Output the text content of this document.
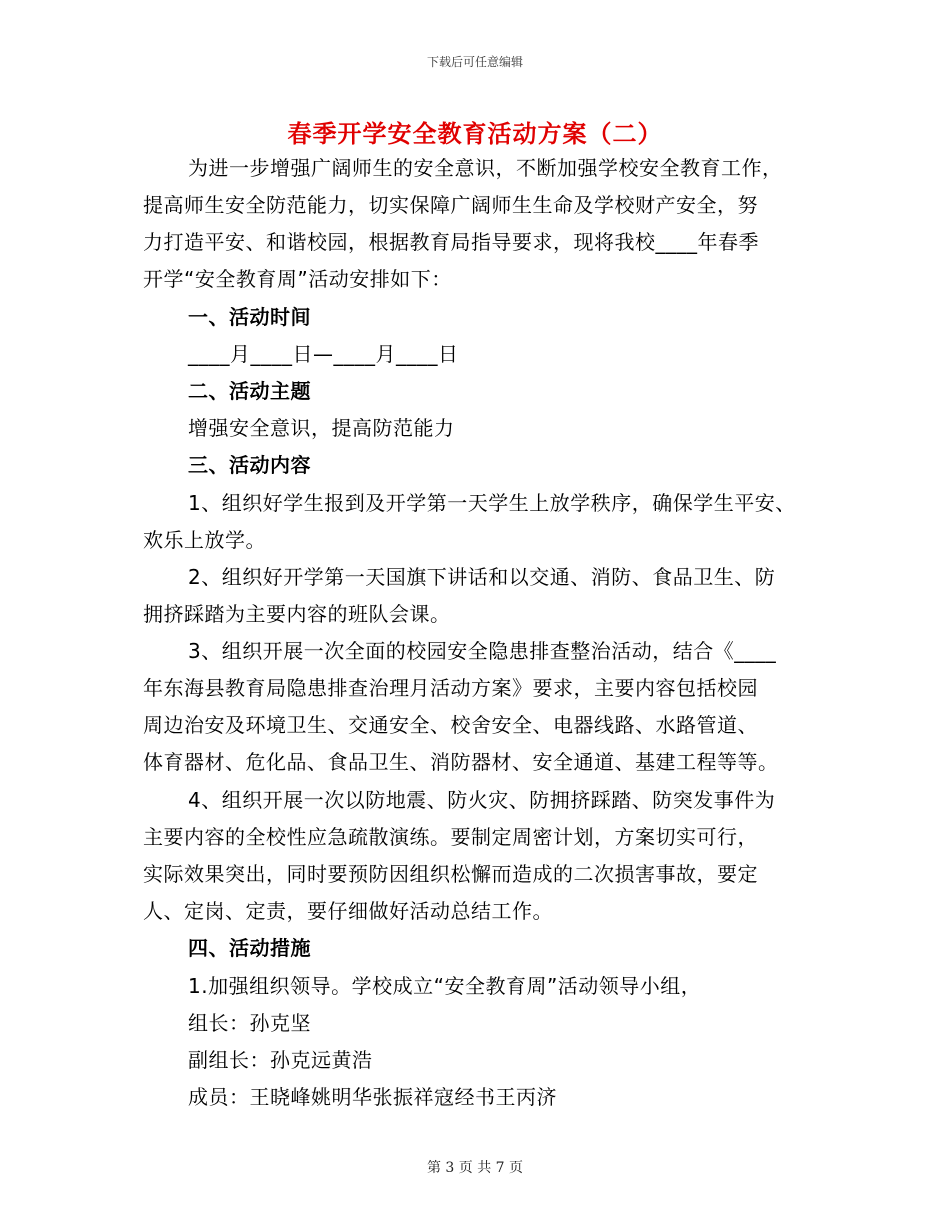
下载后可任意编辑
春季开学安全教育活动方案（二）
为进一步增强广阔师生的安全意识，不断加强学校安全教育工作，
提高师生安全防范能力，切实保障广阔师生生命及学校财产安全，努
力打造平安、和谐校园，根据教育局指导要求，现将我校____年春季
开学“安全教育周”活动安排如下：
一、活动时间
____月____日—____月____日
二、活动主题
增强安全意识，提高防范能力
三、活动内容
1、组织好学生报到及开学第一天学生上放学秩序，确保学生平安、
欢乐上放学。
2、组织好开学第一天国旗下讲话和以交通、消防、食品卫生、防
拥挤踩踏为主要内容的班队会课。
3、组织开展一次全面的校园安全隐患排查整治活动，结合《____
年东海县教育局隐患排查治理月活动方案》要求，主要内容包括校园
周边治安及环境卫生、交通安全、校舍安全、电器线路、水路管道、
体育器材、危化品、食品卫生、消防器材、安全通道、基建工程等等。
4、组织开展一次以防地震、防火灾、防拥挤踩踏、防突发事件为
主要内容的全校性应急疏散演练。要制定周密计划，方案切实可行，
实际效果突出，同时要预防因组织松懈而造成的二次损害事故，要定
人、定岗、定责，要仔细做好活动总结工作。
四、活动措施
1.加强组织领导。学校成立“安全教育周”活动领导小组，
组长：孙克坚
副组长：孙克远黄浩
成员：王晓峰姚明华张振祥寇经书王丙济
第 3 页 共 7 页
